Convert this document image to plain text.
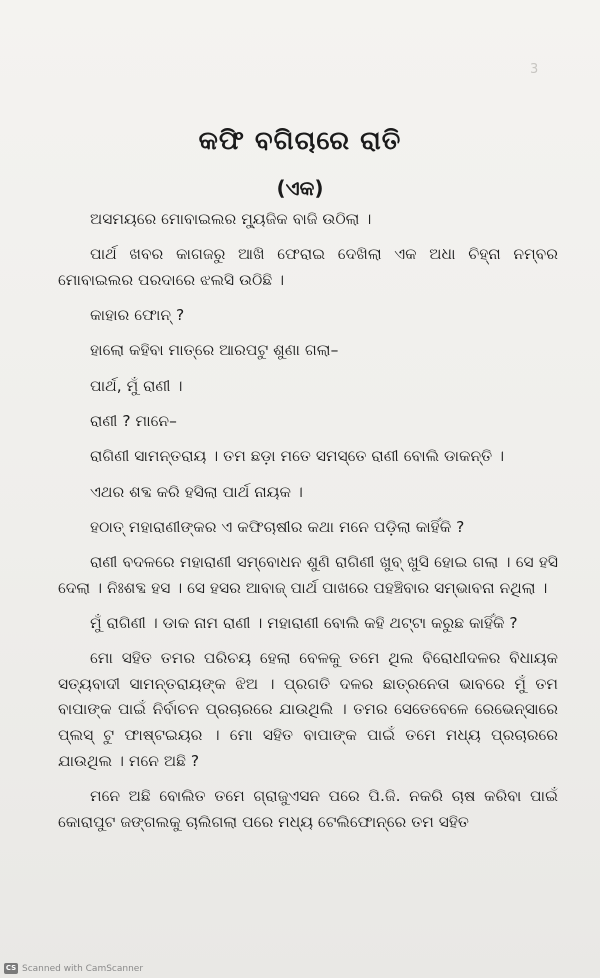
3
କଫି ବଗିଚାରେ ରାତି
(ଏକ)

ଅସମୟରେ ମୋବାଇଲର ମ୍ୟୁଜିକ ବାଜି ଉଠିଲା ।

ପାର୍ଥ ଖବର କାଗଜରୁ ଆଖି ଫେରାଇ ଦେଖିଲା ଏକ ଅଧା ଚିହ୍ନା ନମ୍ବର ମୋବାଇଲର ପରଦାରେ ଝଲସି ଉଠିଛି ।

କାହାର ଫୋନ୍ ?

ହାଲୋ କହିବା ମାତ୍ରେ ଆରପଟୁ ଶୁଣା ଗଲା–

ପାର୍ଥ, ମୁଁ ରାଣୀ ।

ରାଣୀ ? ମାନେ–

ରାଗିଣୀ ସାମନ୍ତରାୟ । ତମ ଛଡ଼ା ମତେ ସମସ୍ତେ ରାଣୀ ବୋଲି ଡାକନ୍ତି ।

ଏଥର ଶବ୍ଦ କରି ହସିଲା ପାର୍ଥ ନାୟକ ।

ହଠାତ୍ ମହାରାଣୀଙ୍କର ଏ କଫିଚାଷୀର କଥା ମନେ ପଡ଼ିଲା କାହିଁକି ?

ରାଣୀ ବଦଳରେ ମହାରାଣୀ ସମ୍ବୋଧନ ଶୁଣି ରାଗିଣୀ ଖୁବ୍ ଖୁସି ହୋଇ ଗଲା । ସେ ହସି ଦେଲା । ନିଃଶବ୍ଦ ହସ । ସେ ହସର ଆବାଜ୍ ପାର୍ଥ ପାଖରେ ପହଞ୍ଚିବାର ସମ୍ଭାବନା ନଥିଲା ।

ମୁଁ ରାଗିଣୀ । ଡାକ ନାମ ରାଣୀ । ମହାରାଣୀ ବୋଲି କହି ଥଟ୍ଟା କରୁଛ କାହିଁକି ?

ମୋ ସହିତ ତମର ପରିଚୟ ହେଲା ବେଳକୁ ତମେ ଥିଲ ବିରୋଧୀଦଳର ବିଧାୟକ ସତ୍ୟବାଦୀ ସାମନ୍ତରାୟଙ୍କ ଝିଅ । ପ୍ରଗତି ଦଳର ଛାତ୍ରନେତା ଭାବରେ ମୁଁ ତମ ବାପାଙ୍କ ପାଇଁ ନିର୍ବାଚନ ପ୍ରଚାରରେ ଯାଉଥିଲି । ତମର ସେତେବେଳେ ରେଭେନ୍ସାରେ ପ୍ଲସ୍ ଟୁ ଫାଷ୍ଟଇୟର । ମୋ ସହିତ ବାପାଙ୍କ ପାଇଁ ତମେ ମଧ୍ୟ ପ୍ରଚାରରେ ଯାଉଥିଲ । ମନେ ଅଛି ?

ମନେ ଅଛି ବୋଲିତ ତମେ ଗ୍ରାଜୁଏସନ ପରେ ପି.ଜି. ନକରି ଚାଷ କରିବା ପାଇଁ କୋରାପୁଟ ଜଙ୍ଗଲକୁ ଚାଲିଗଲା ପରେ ମଧ୍ୟ ଟେଲିଫୋନ୍‌ରେ ତମ ସହିତ

CS Scanned with CamScanner
